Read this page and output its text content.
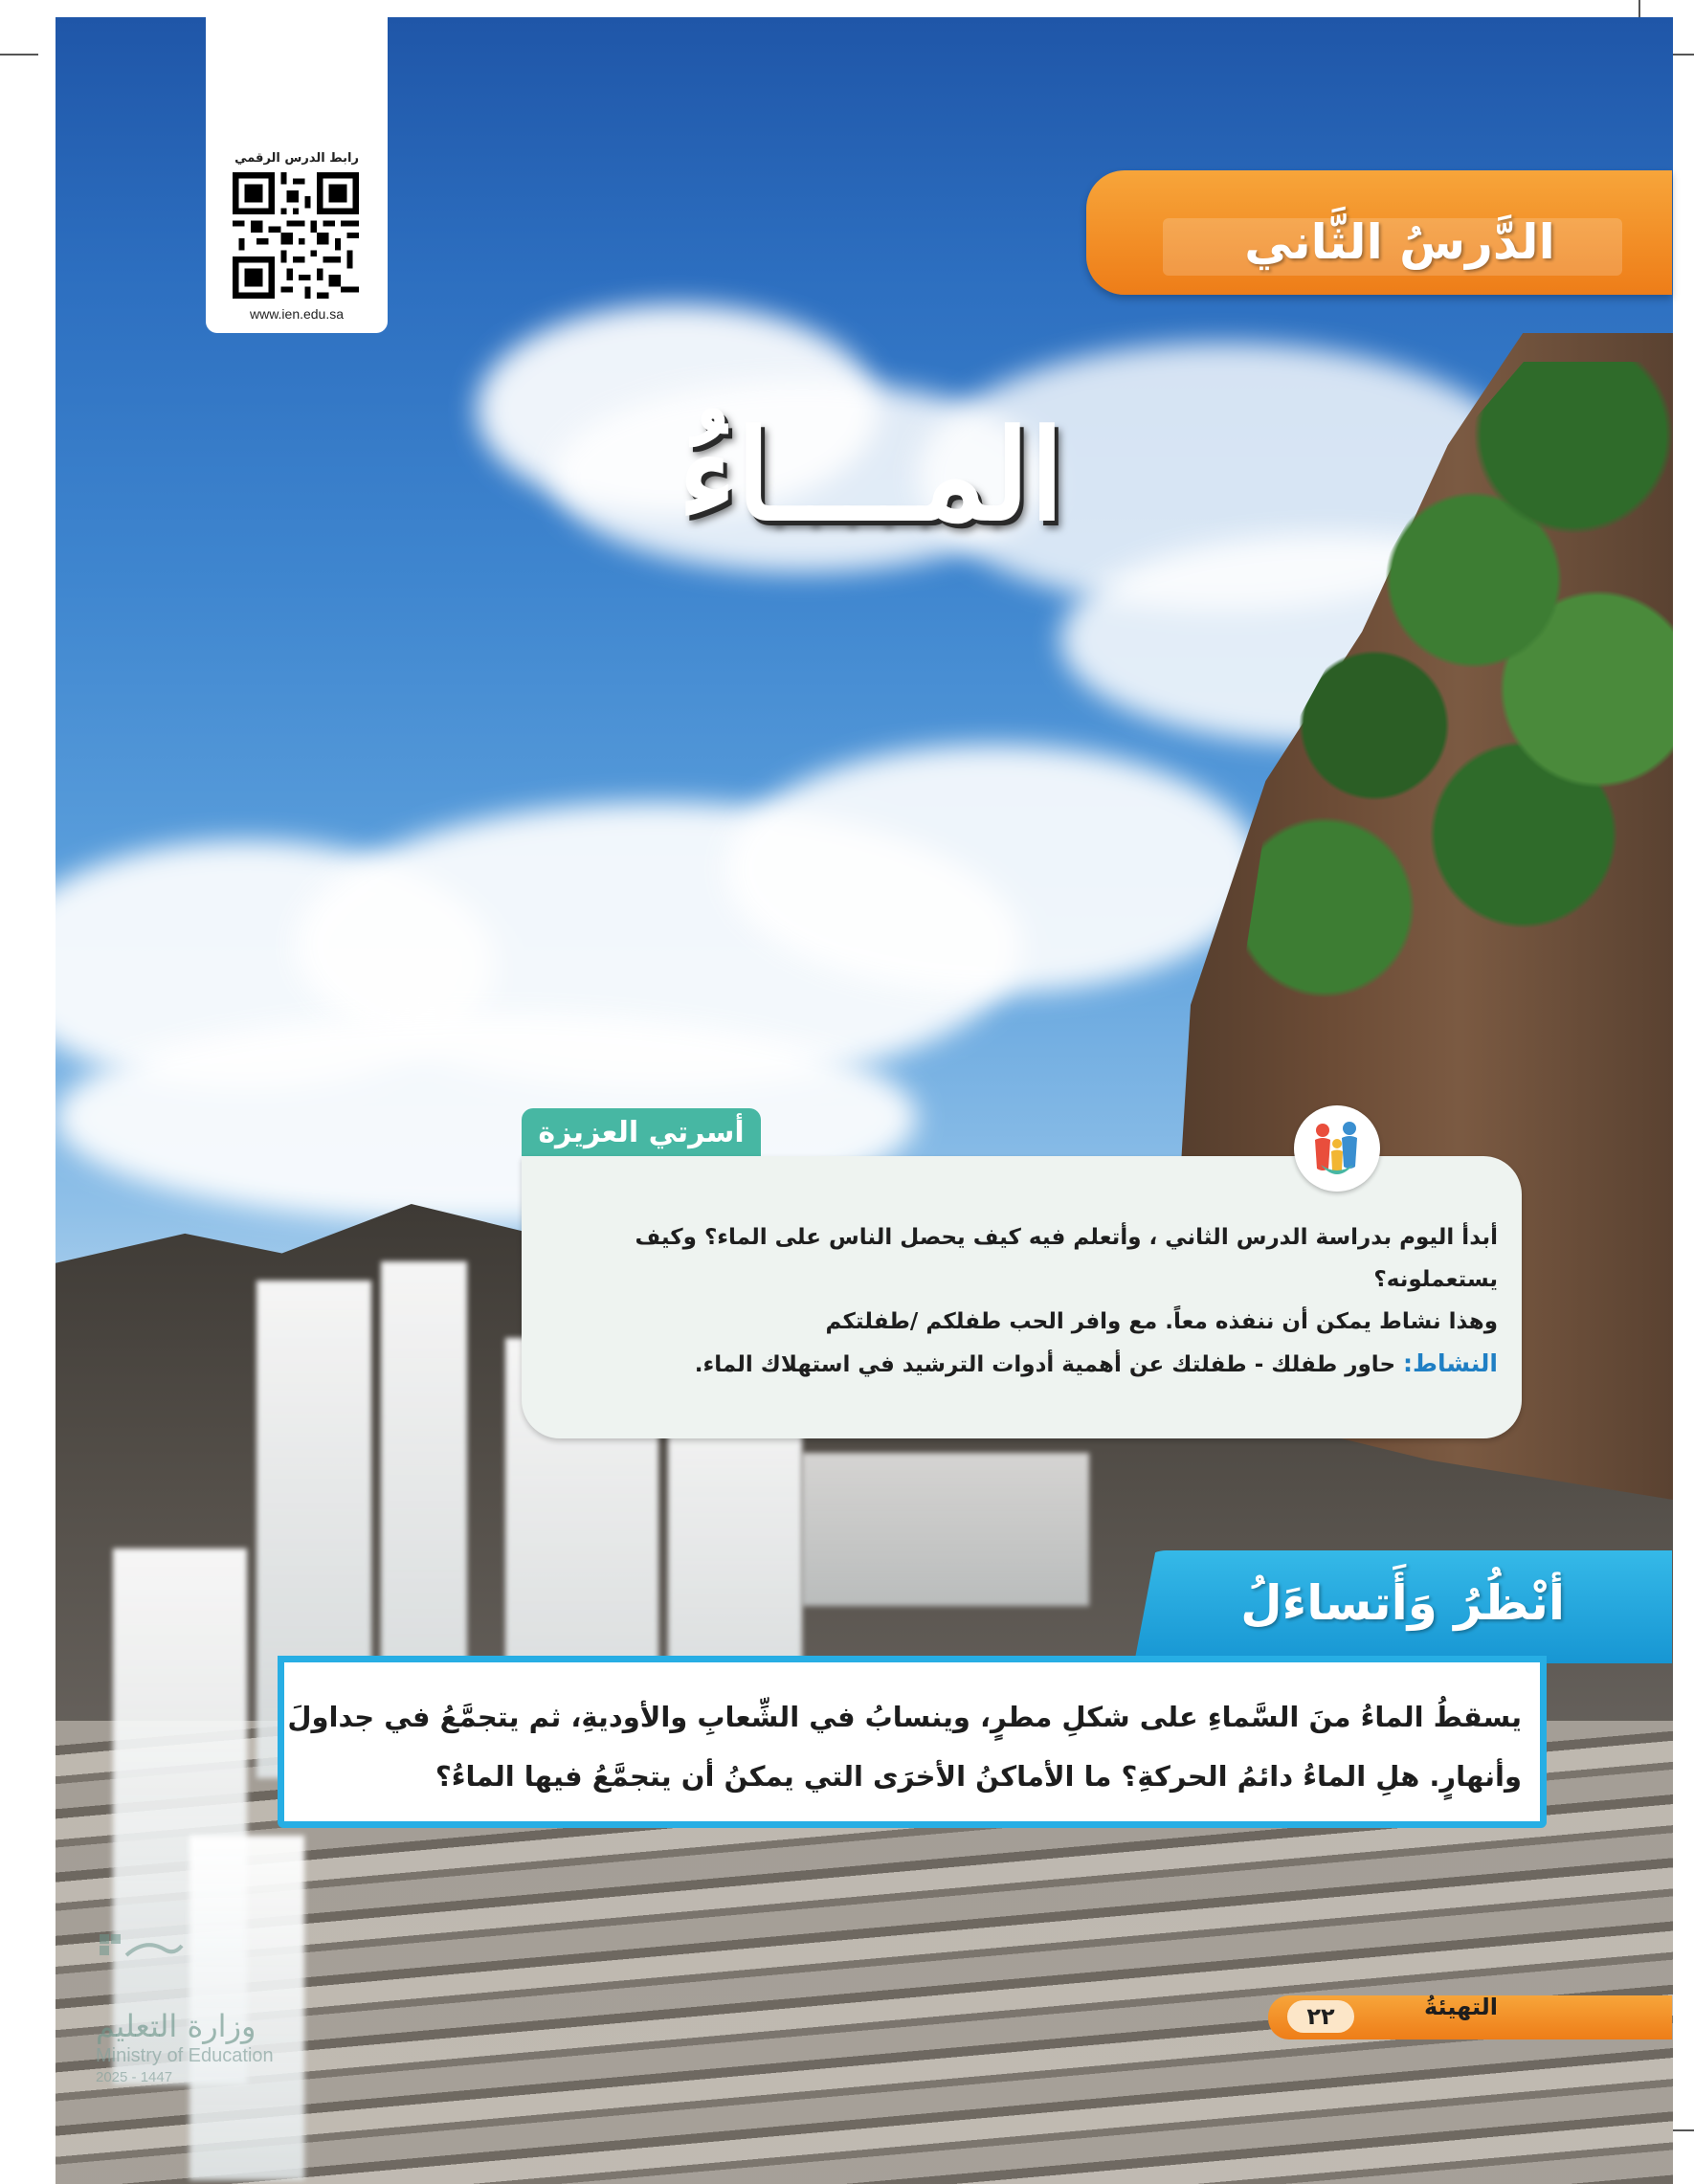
رابط الدرس الرقمي
www.ien.edu.sa
الدَّرسُ الثَّاني
المــــاءُ
أسرتي العزيزة
أبدأ اليوم بدراسة الدرس الثاني ، وأتعلم فيه كيف يحصل الناس على الماء؟ وكيف
يستعملونه؟
وهذا نشاط يمكن أن ننفذه معاً. مع وافر الحب طفلكم /طفلتكم
النشاط: حاور طفلك - طفلتك عن أهمية أدوات الترشيد في استهلاك الماء.
أنْظُرُ وَأَتساءَلُ
يسقطُ الماءُ منَ السَّماءِ على شكلِ مطرٍ، وينسابُ في الشِّعابِ والأوديةِ، ثم يتجمَّعُ في جداولَ
وأنهارٍ. هلِ الماءُ دائمُ الحركةِ؟ ما الأماكنُ الأخرَى التي يمكنُ أن يتجمَّعُ فيها الماءُ؟
وزارة التعليم
Ministry of Education
2025 - 1447
التهيئةُ
٢٢
